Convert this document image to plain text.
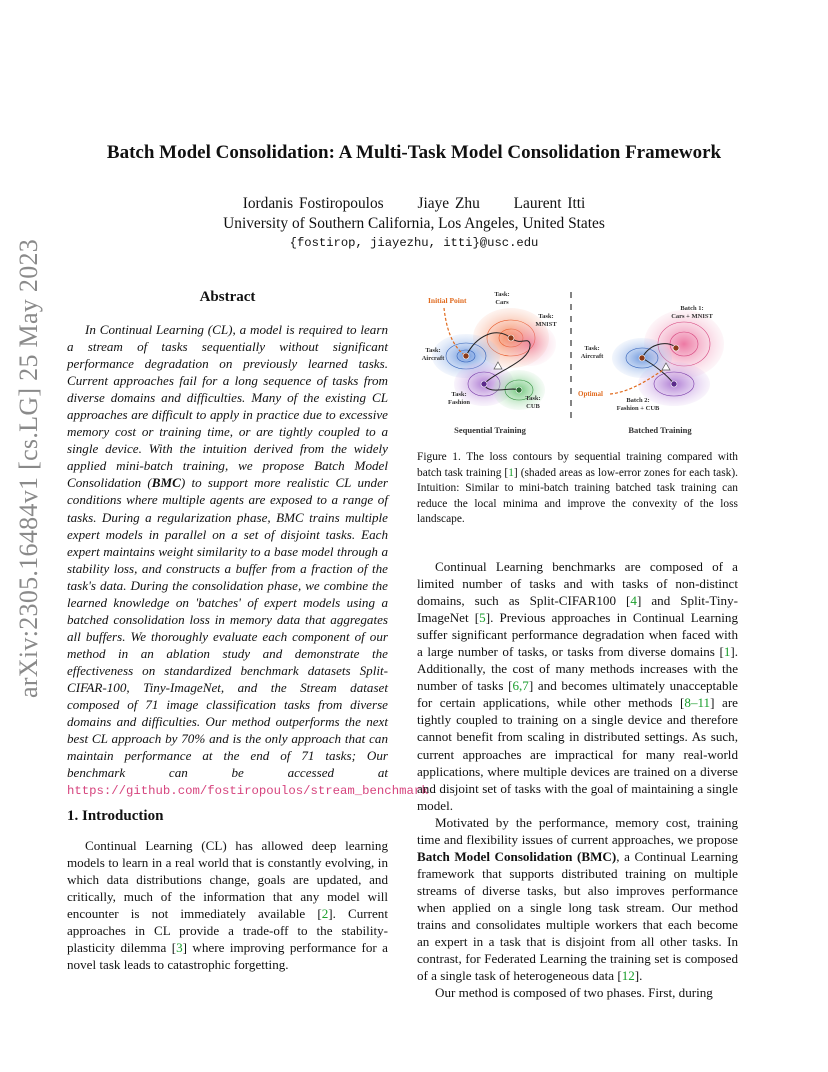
arXiv:2305.16484v1 [cs.LG] 25 May 2023
Batch Model Consolidation: A Multi-Task Model Consolidation Framework
Iordanis Fostiropoulos Jiaye Zhu Laurent Itti
University of Southern California, Los Angeles, United States
{fostirop, jiayezhu, itti}@usc.edu
Abstract
In Continual Learning (CL), a model is required to learn a stream of tasks sequentially without significant performance degradation on previously learned tasks. Current approaches fail for a long sequence of tasks from diverse domains and difficulties. Many of the existing CL approaches are difficult to apply in practice due to excessive memory cost or training time, or are tightly coupled to a single device. With the intuition derived from the widely applied mini-batch training, we propose Batch Model Consolidation (BMC) to support more realistic CL under conditions where multiple agents are exposed to a range of tasks. During a regularization phase, BMC trains multiple expert models in parallel on a set of disjoint tasks. Each expert maintains weight similarity to a base model through a stability loss, and constructs a buffer from a fraction of the task's data. During the consolidation phase, we combine the learned knowledge on 'batches' of expert models using a batched consolidation loss in memory data that aggregates all buffers. We thoroughly evaluate each component of our method in an ablation study and demonstrate the effectiveness on standardized benchmark datasets Split-CIFAR-100, Tiny-ImageNet, and the Stream dataset composed of 71 image classification tasks from diverse domains and difficulties. Our method outperforms the next best CL approach by 70% and is the only approach that can maintain performance at the end of 71 tasks; Our benchmark can be accessed at https://github.com/fostiropoulos/stream_benchmark
1. Introduction
Continual Learning (CL) has allowed deep learning models to learn in a real world that is constantly evolving, in which data distributions change, goals are updated, and critically, much of the information that any model will encounter is not immediately available [2]. Current approaches in CL provide a trade-off to the stability-plasticity dilemma [3] where improving performance for a novel task leads to catastrophic forgetting.
Initial Point
Task: Cars
Task: MNIST
Task: Aircraft
Task: Fashion
Task: CUB
Sequential Training
Batch 1: Cars + MNIST
Task: Aircraft
Optimal
Batch 2: Fashion + CUB
Batched Training
Figure 1. The loss contours by sequential training compared with batch task training [1] (shaded areas as low-error zones for each task). Intuition: Similar to mini-batch training batched task training can reduce the local minima and improve the convexity of the loss landscape.

Continual Learning benchmarks are composed of a limited number of tasks and with tasks of non-distinct domains, such as Split-CIFAR100 [4] and Split-Tiny-ImageNet [5]. Previous approaches in Continual Learning suffer significant performance degradation when faced with a large number of tasks, or tasks from diverse domains [1]. Additionally, the cost of many methods increases with the number of tasks [6,7] and becomes ultimately unacceptable for certain applications, while other methods [8–11] are tightly coupled to training on a single device and therefore cannot benefit from scaling in distributed settings. As such, current approaches are impractical for many real-world applications, where multiple devices are trained on a diverse and disjoint set of tasks with the goal of maintaining a single model.

Motivated by the performance, memory cost, training time and flexibility issues of current approaches, we propose Batch Model Consolidation (BMC), a Continual Learning framework that supports distributed training on multiple streams of diverse tasks, but also improves performance when applied on a single long task stream. Our method trains and consolidates multiple workers that each become an expert in a task that is disjoint from all other tasks. In contrast, for Federated Learning the training set is composed of a single task of heterogeneous data [12].

Our method is composed of two phases. First, during
